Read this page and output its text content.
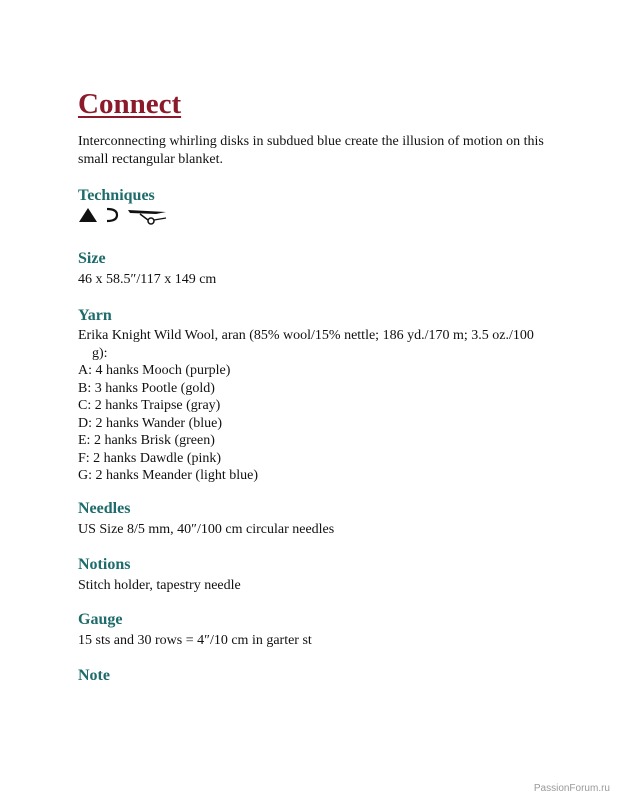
Connect

Interconnecting whirling disks in subdued blue create the illusion of motion on this small rectangular blanket.

Techniques
Size

46 x 58.5″/117 x 149 cm

Yarn

Erika Knight Wild Wool, aran (85% wool/15% nettle; 186 yd./170 m; 3.5 oz./100 g):

A: 4 hanks Mooch (purple)
B: 3 hanks Pootle (gold)
C: 2 hanks Traipse (gray)
D: 2 hanks Wander (blue)
E: 2 hanks Brisk (green)
F: 2 hanks Dawdle (pink)
G: 2 hanks Meander (light blue)
Needles

US Size 8/5 mm, 40″/100 cm circular needles

Notions

Stitch holder, tapestry needle

Gauge

15 sts and 30 rows = 4″/10 cm in garter st

Note
PassionForum.ru
